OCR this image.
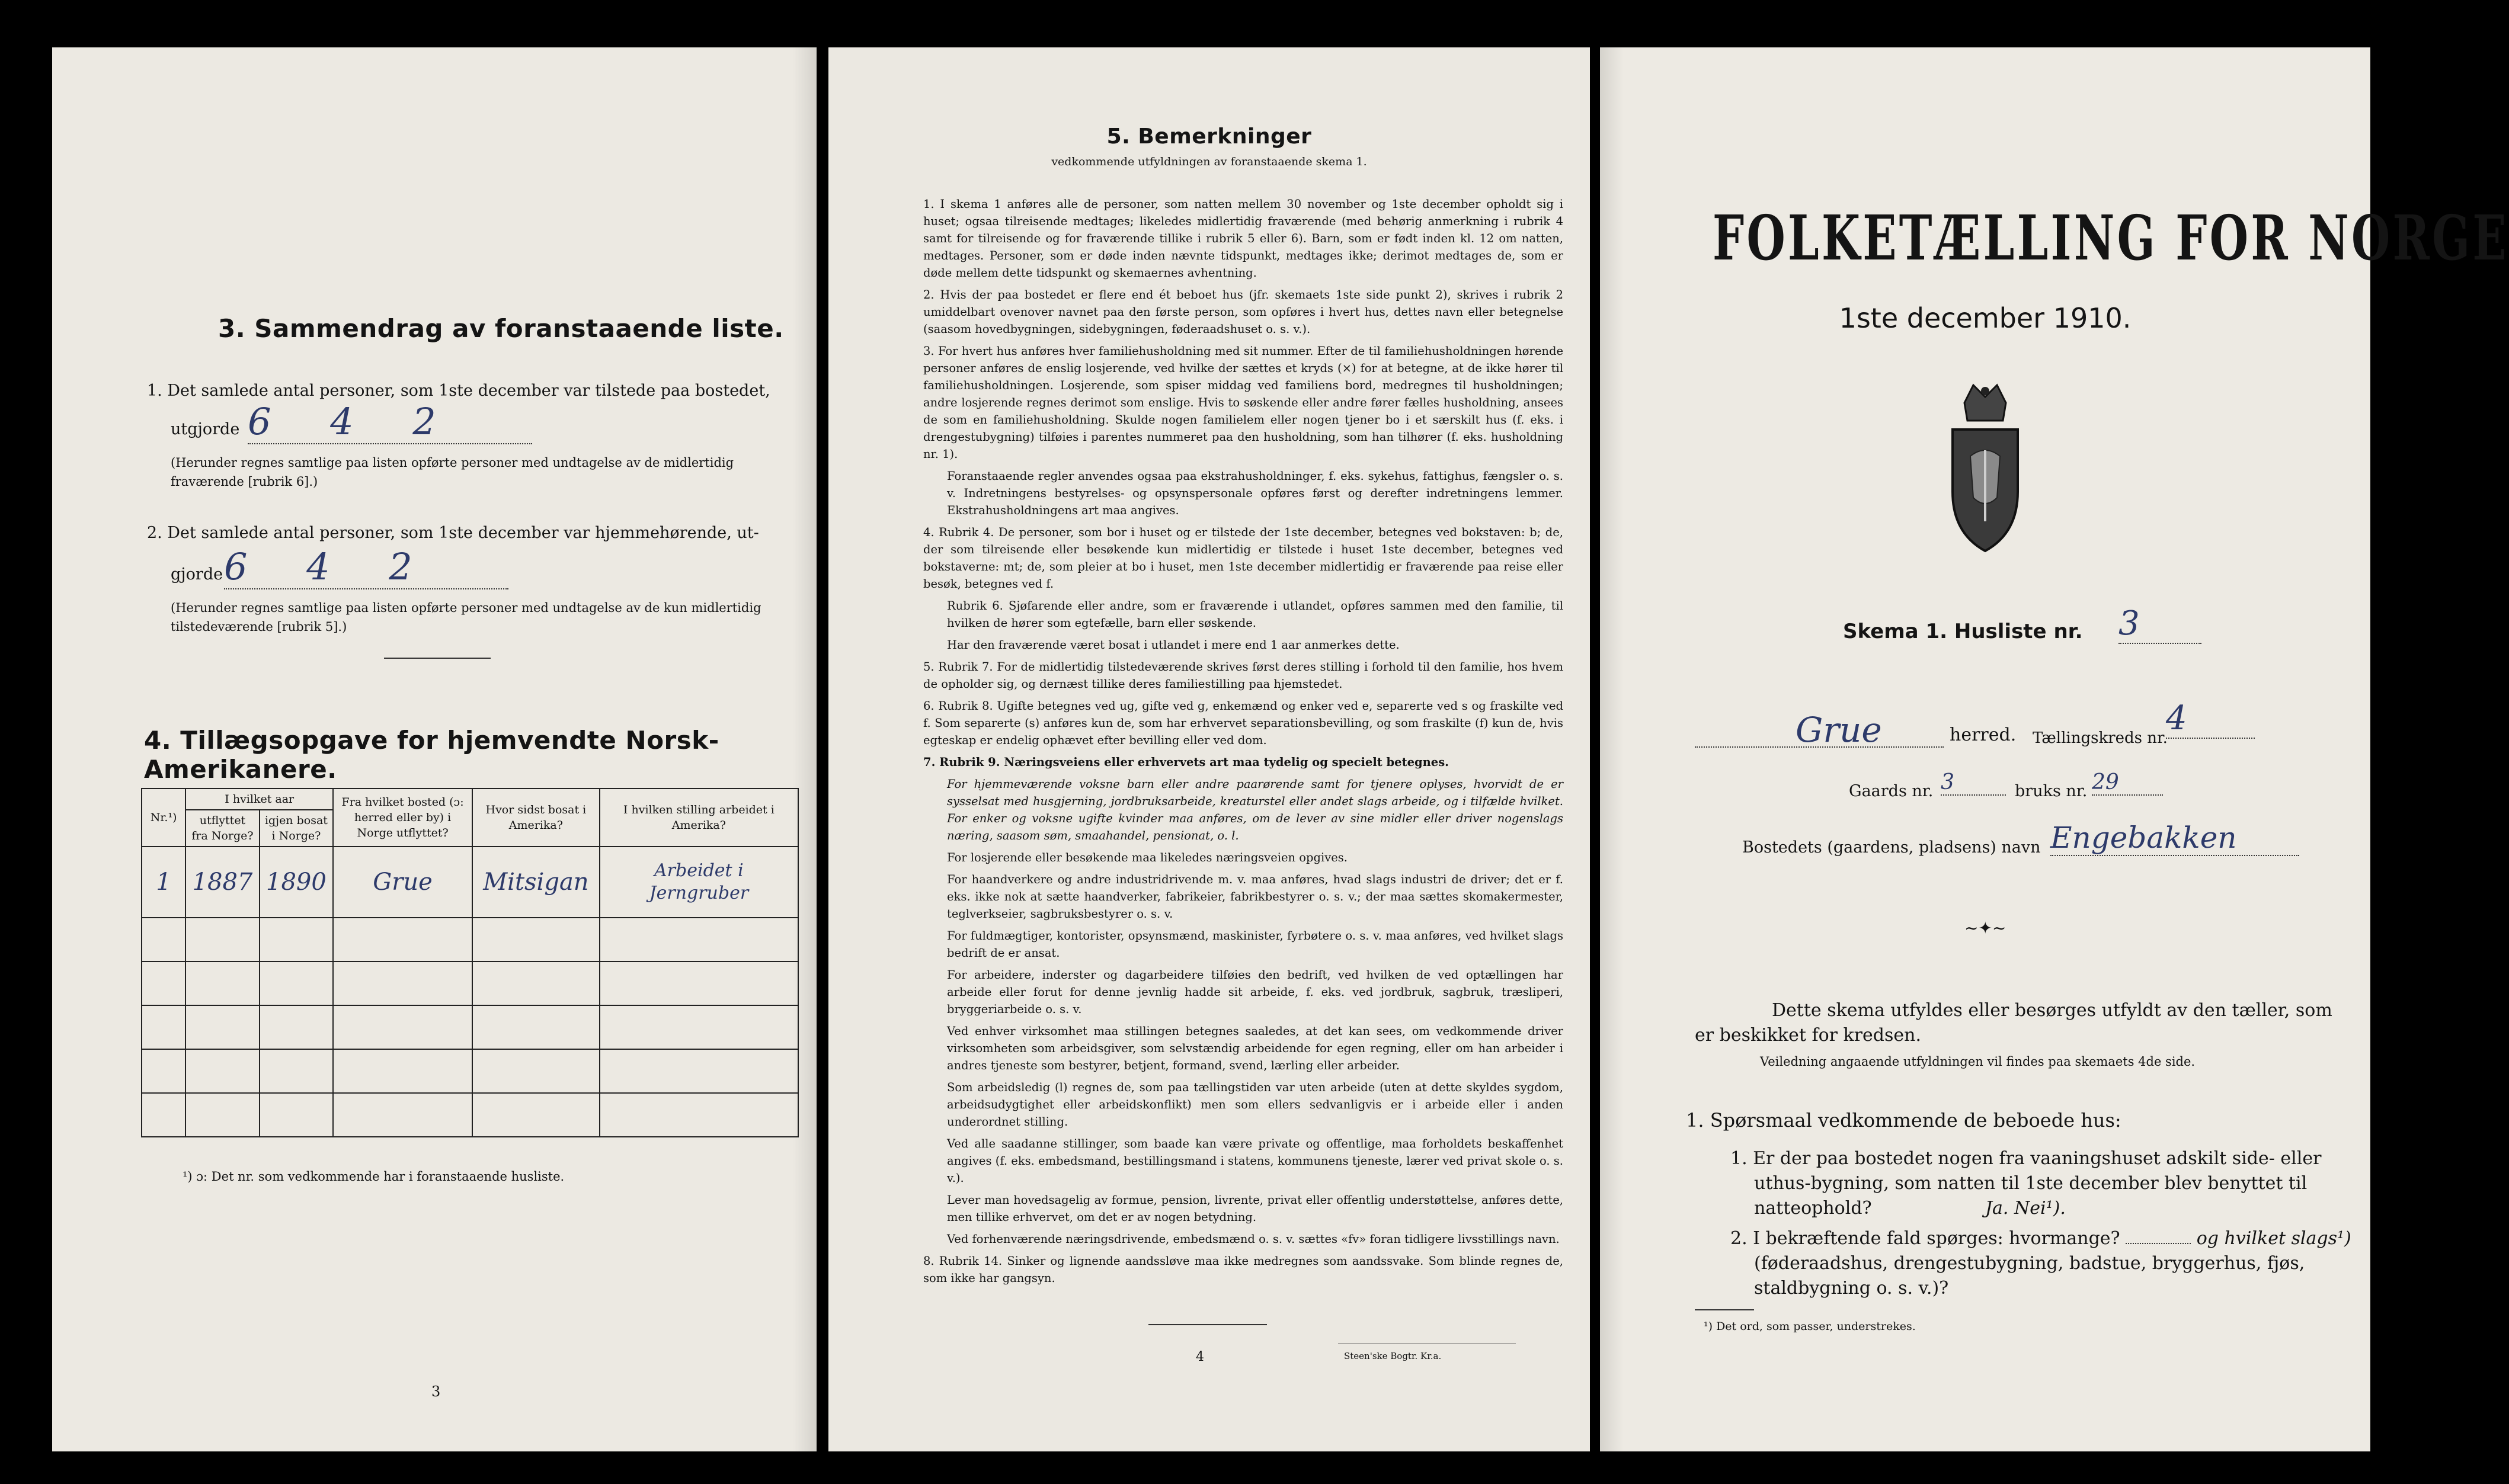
3. Sammendrag av foranstaaende liste.
1. Det samlede antal personer, som 1ste december var tilstede paa bostedet,
utgjorde 6 4 2
(Herunder regnes samtlige paa listen opførte personer med undtagelse av de midlertidig fraværende [rubrik 6].)
2. Det samlede antal personer, som 1ste december var hjemmehørende, ut-
gjorde 6 4 2
(Herunder regnes samtlige paa listen opførte personer med undtagelse av de kun midlertidig tilstedeværende [rubrik 5].)
4. Tillægsopgave for hjemvendte Norsk-Amerikanere.
Nr.¹)	I hvilket aar		Fra hvilket bosted (ɔ: herred eller by) i Norge utflyttet?	Hvor sidst bosat i Amerika?	I hvilken stilling arbeidet i Amerika?
	utflyttet fra Norge?	igjen bosat i Norge?			
1	1887	1890	Grue	Mitsigan	Arbeidet i Jerngruber

¹) ɔ: Det nr. som vedkommende har i foranstaaende husliste.
3
5. Bemerkninger
vedkommende utfyldningen av foranstaaende skema 1.

1. I skema 1 anføres alle de personer, som natten mellem 30 november og 1ste december opholdt sig i huset; ogsaa tilreisende medtages; likeledes midlertidig fraværende (med behørig anmerkning i rubrik 4 samt for tilreisende og for fraværende tillike i rubrik 5 eller 6). Barn, som er født inden kl. 12 om natten, medtages. Personer, som er døde inden nævnte tidspunkt, medtages ikke; derimot medtages de, som er døde mellem dette tidspunkt og skemaernes avhentning.

2. Hvis der paa bostedet er flere end ét beboet hus (jfr. skemaets 1ste side punkt 2), skrives i rubrik 2 umiddelbart ovenover navnet paa den første person, som opføres i hvert hus, dettes navn eller betegnelse (saasom hovedbygningen, sidebygningen, føderaadshuset o. s. v.).

3. For hvert hus anføres hver familiehusholdning med sit nummer. Efter de til familiehusholdningen hørende personer anføres de enslig losjerende, ved hvilke der sættes et kryds (×) for at betegne, at de ikke hører til familiehusholdningen. Losjerende, som spiser middag ved familiens bord, medregnes til husholdningen; andre losjerende regnes derimot som enslige. Hvis to søskende eller andre fører fælles husholdning, ansees de som en familiehusholdning. Skulde nogen familielem eller nogen tjener bo i et særskilt hus (f. eks. i drengestubygning) tilføies i parentes nummeret paa den husholdning, som han tilhører (f. eks. husholdning nr. 1).

Foranstaaende regler anvendes ogsaa paa ekstrahusholdninger, f. eks. sykehus, fattighus, fængsler o. s. v. Indretningens bestyrelses- og opsynspersonale opføres først og derefter indretningens lemmer. Ekstrahusholdningens art maa angives.

4. Rubrik 4. De personer, som bor i huset og er tilstede der 1ste december, betegnes ved bokstaven: b; de, der som tilreisende eller besøkende kun midlertidig er tilstede i huset 1ste december, betegnes ved bokstaverne: mt; de, som pleier at bo i huset, men 1ste december midlertidig er fraværende paa reise eller besøk, betegnes ved f.

Rubrik 6. Sjøfarende eller andre, som er fraværende i utlandet, opføres sammen med den familie, til hvilken de hører som egtefælle, barn eller søskende.

Har den fraværende været bosat i utlandet i mere end 1 aar anmerkes dette.

5. Rubrik 7. For de midlertidig tilstedeværende skrives først deres stilling i forhold til den familie, hos hvem de opholder sig, og dernæst tillike deres familiestilling paa hjemstedet.

6. Rubrik 8. Ugifte betegnes ved ug, gifte ved g, enkemænd og enker ved e, separerte ved s og fraskilte ved f. Som separerte (s) anføres kun de, som har erhvervet separationsbevilling, og som fraskilte (f) kun de, hvis egteskap er endelig ophævet efter bevilling eller ved dom.

7. Rubrik 9. Næringsveiens eller erhvervets art maa tydelig og specielt betegnes.

For hjemmeværende voksne barn eller andre paarørende samt for tjenere oplyses, hvorvidt de er sysselsat med husgjerning, jordbruksarbeide, kreaturstel eller andet slags arbeide, og i tilfælde hvilket. For enker og voksne ugifte kvinder maa anføres, om de lever av sine midler eller driver nogenslags næring, saasom søm, smaahandel, pensionat, o. l.

For losjerende eller besøkende maa likeledes næringsveien opgives.

For haandverkere og andre industridrivende m. v. maa anføres, hvad slags industri de driver; det er f. eks. ikke nok at sætte haandverker, fabrikeier, fabrikbestyrer o. s. v.; der maa sættes skomakermester, teglverkseier, sagbruksbestyrer o. s. v.

For fuldmægtiger, kontorister, opsynsmænd, maskinister, fyrbøtere o. s. v. maa anføres, ved hvilket slags bedrift de er ansat.

For arbeidere, inderster og dagarbeidere tilføies den bedrift, ved hvilken de ved optællingen har arbeide eller forut for denne jevnlig hadde sit arbeide, f. eks. ved jordbruk, sagbruk, træsliperi, bryggeriarbeide o. s. v.

Ved enhver virksomhet maa stillingen betegnes saaledes, at det kan sees, om vedkommende driver virksomheten som arbeidsgiver, som selvstændig arbeidende for egen regning, eller om han arbeider i andres tjeneste som bestyrer, betjent, formand, svend, lærling eller arbeider.

Som arbeidsledig (l) regnes de, som paa tællingstiden var uten arbeide (uten at dette skyldes sygdom, arbeidsudygtighet eller arbeidskonflikt) men som ellers sedvanligvis er i arbeide eller i anden underordnet stilling.

Ved alle saadanne stillinger, som baade kan være private og offentlige, maa forholdets beskaffenhet angives (f. eks. embedsmand, bestillingsmand i statens, kommunens tjeneste, lærer ved privat skole o. s. v.).

Lever man hovedsagelig av formue, pension, livrente, privat eller offentlig understøttelse, anføres dette, men tillike erhvervet, om det er av nogen betydning.

Ved forhenværende næringsdrivende, embedsmænd o. s. v. sættes «fv» foran tidligere livsstillings navn.

8. Rubrik 14. Sinker og lignende aandssløve maa ikke medregnes som aandssvake. Som blinde regnes de, som ikke har gangsyn.

4	Steen'ske Bogtr. Kr.a.
FOLKETÆLLING FOR NORGE
1ste december 1910.
Skema 1. Husliste nr. 3
Grue	herred. Tællingskreds nr.
4
Gaards nr. 3	bruks nr. 29
Bostedets (gaardens, pladsens) navn Engebakken
~✦~
Dette skema utfyldes eller besørges utfyldt av den tæller, som er beskikket for kredsen.
Veiledning angaaende utfyldningen vil findes paa skemaets 4de side.
1. Spørsmaal vedkommende de beboede hus:
1. Er der paa bostedet nogen fra vaaningshuset adskilt side- eller uthus-bygning, som natten til 1ste december blev benyttet til natteophold?	Ja. Nei¹).
2. I bekræftende fald spørges: hvormange?	og hvilket slags¹)
(føderaadshus, drengestubygning, badstue, bryggerhus, fjøs, staldbygning o. s. v.)?
¹) Det ord, som passer, understrekes.
